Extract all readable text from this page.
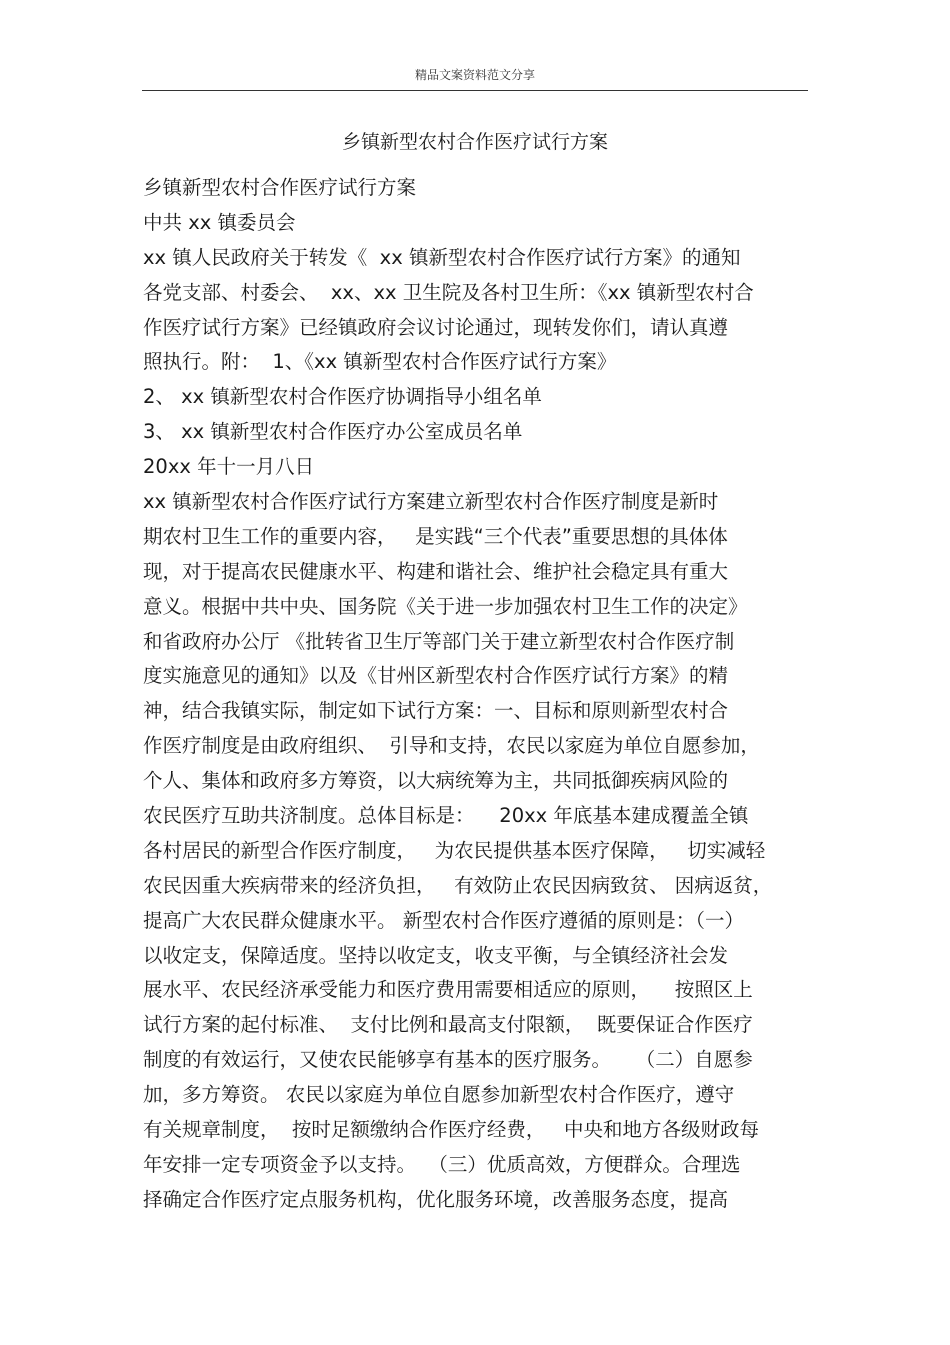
精品文案资料范文分享
乡镇新型农村合作医疗试行方案
乡镇新型农村合作医疗试行方案
中共 xx 镇委员会
xx 镇人民政府关于转发《  xx 镇新型农村合作医疗试行方案》的通知
各党支部、村委会、  xx、xx 卫生院及各村卫生所：《xx 镇新型农村合
作医疗试行方案》已经镇政府会议讨论通过，现转发你们，请认真遵
照执行。附：  1、《xx 镇新型农村合作医疗试行方案》
2、 xx 镇新型农村合作医疗协调指导小组名单
3、 xx 镇新型农村合作医疗办公室成员名单
20xx 年十一月八日
xx 镇新型农村合作医疗试行方案建立新型农村合作医疗制度是新时
期农村卫生工作的重要内容，   是实践“三个代表”重要思想的具体体
现，对于提高农民健康水平、构建和谐社会、维护社会稳定具有重大
意义。根据中共中央、国务院《关于进一步加强农村卫生工作的决定》
和省政府办公厅 《批转省卫生厅等部门关于建立新型农村合作医疗制
度实施意见的通知》以及《甘州区新型农村合作医疗试行方案》的精
神，结合我镇实际，制定如下试行方案：一、目标和原则新型农村合
作医疗制度是由政府组织、  引导和支持，农民以家庭为单位自愿参加，
个人、集体和政府多方筹资，以大病统筹为主，共同抵御疾病风险的
农民医疗互助共济制度。总体目标是：    20xx 年底基本建成覆盖全镇
各村居民的新型合作医疗制度，   为农民提供基本医疗保障，   切实减轻
农民因重大疾病带来的经济负担，   有效防止农民因病致贫、 因病返贫，
提高广大农民群众健康水平。 新型农村合作医疗遵循的原则是：（一）
以收定支，保障适度。坚持以收定支，收支平衡，与全镇经济社会发
展水平、农民经济承受能力和医疗费用需要相适应的原则，    按照区上
试行方案的起付标准、  支付比例和最高支付限额，  既要保证合作医疗
制度的有效运行，又使农民能够享有基本的医疗服务。    （二）自愿参
加，多方筹资。 农民以家庭为单位自愿参加新型农村合作医疗，遵守
有关规章制度，  按时足额缴纳合作医疗经费，   中央和地方各级财政每
年安排一定专项资金予以支持。  （三）优质高效，方便群众。合理选
择确定合作医疗定点服务机构，优化服务环境，改善服务态度，提高
